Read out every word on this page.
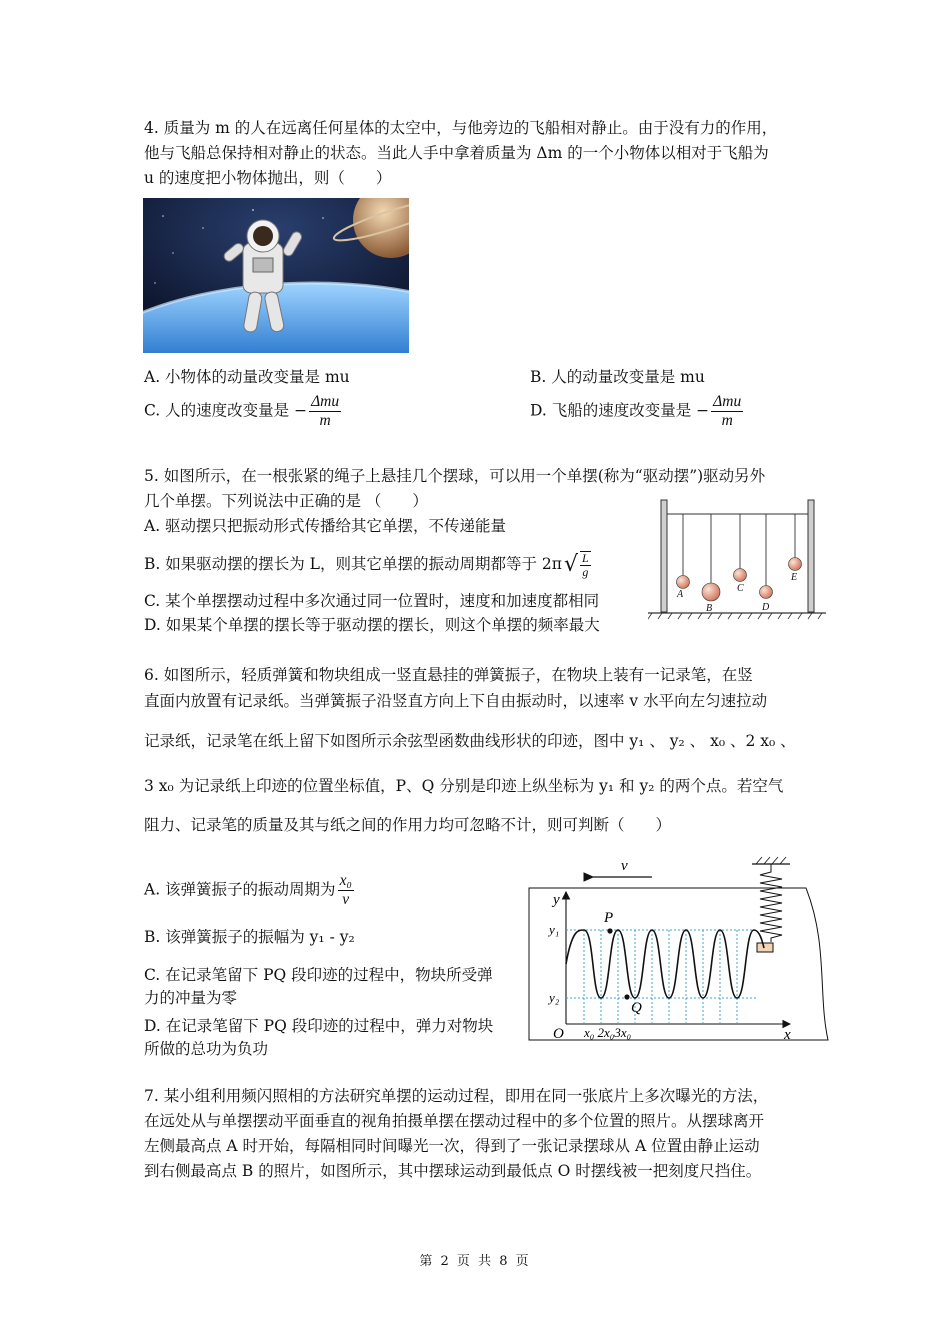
4. 质量为 m 的人在远离任何星体的太空中，与他旁边的飞船相对静止。由于没有力的作用，
他与飞船总保持相对静止的状态。当此人手中拿着质量为 Δm 的一个小物体以相对于飞船为
u 的速度把小物体抛出，则（　　）
A. 小物体的动量改变量是 mu	B. 人的动量改变量是 mu
C. 人的速度改变量是 − $\frac{\text{Δmu}}{m}$	D. 飞船的速度改变量是 − $\frac{\text{Δmu}}{m}$
5. 如图所示，在一根张紧的绳子上悬挂几个摆球，可以用一个单摆(称为“驱动摆”)驱动另外
几个单摆。下列说法中正确的是 （　　）
A. 驱动摆只把振动形式传播给其它单摆，不传递能量
B. 如果驱动摆的摆长为 L，则其它单摆的振动周期都等于 $2\pi√ \frac{L}{g}$
C. 某个单摆摆动过程中多次通过同一位置时，速度和加速度都相同
D. 如果某个单摆的摆长等于驱动摆的摆长，则这个单摆的频率最大
A
B
C
D
E
6. 如图所示，轻质弹簧和物块组成一竖直悬挂的弹簧振子，在物块上装有一记录笔，在竖
直面内放置有记录纸。当弹簧振子沿竖直方向上下自由振动时，以速率 v 水平向左匀速拉动
记录纸，记录笔在纸上留下如图所示余弦型函数曲线形状的印迹，图中 y₁ 、 y₂ 、 x₀ 、2 x₀ 、
3 x₀ 为记录纸上印迹的位置坐标值，P、Q 分别是印迹上纵坐标为 y₁ 和 y₂ 的两个点。若空气
阻力、记录笔的质量及其与纸之间的作用力均可忽略不计，则可判断（　　）
A. 该弹簧振子的振动周期为 $\frac{\text{x₀}}{v}$
B. 该弹簧振子的振幅为 y₁ - y₂
C. 在记录笔留下 PQ 段印迹的过程中，物块所受弹
力的冲量为零
D. 在记录笔留下 PQ 段印迹的过程中，弹力对物块
所做的总功为负功
v
y
x
O
P
Q
y₁
y₂
x₀ 2x₀3x₀
7. 某小组利用频闪照相的方法研究单摆的运动过程，即用在同一张底片上多次曝光的方法，
在远处从与单摆摆动平面垂直的视角拍摄单摆在摆动过程中的多个位置的照片。从摆球离开
左侧最高点 A 时开始，每隔相同时间曝光一次，得到了一张记录摆球从 A 位置由静止运动
到右侧最高点 B 的照片，如图所示，其中摆球运动到最低点 O 时摆线被一把刻度尺挡住。
第 2 页 共 8 页
